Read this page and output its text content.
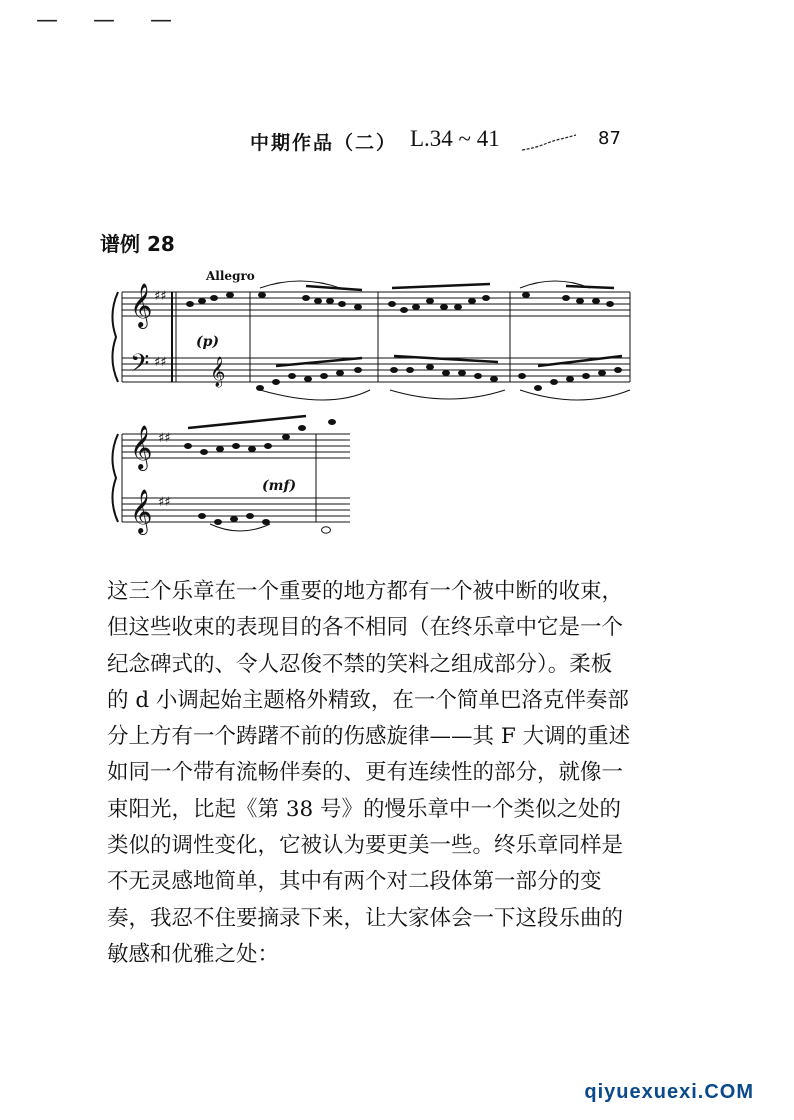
— — —
中期作品（二） L.34 ~ 41	87
谱例 28
𝄞
𝄢
♯♯
♯♯ 𝄞
Allegro
(p)
𝄞
𝄞
♯♯
♯♯
(mf)

这三个乐章在一个重要的地方都有一个被中断的收束，

但这些收束的表现目的各不相同（在终乐章中它是一个

纪念碑式的、令人忍俊不禁的笑料之组成部分）。柔板

的 d 小调起始主题格外精致，在一个简单巴洛克伴奏部

分上方有一个踌躇不前的伤感旋律——其 F 大调的重述

如同一个带有流畅伴奏的、更有连续性的部分，就像一

束阳光，比起《第 38 号》的慢乐章中一个类似之处的

类似的调性变化，它被认为要更美一些。终乐章同样是

不无灵感地简单，其中有两个对二段体第一部分的变

奏，我忍不住要摘录下来，让大家体会一下这段乐曲的

敏感和优雅之处：

qiyuexuexi.COM
